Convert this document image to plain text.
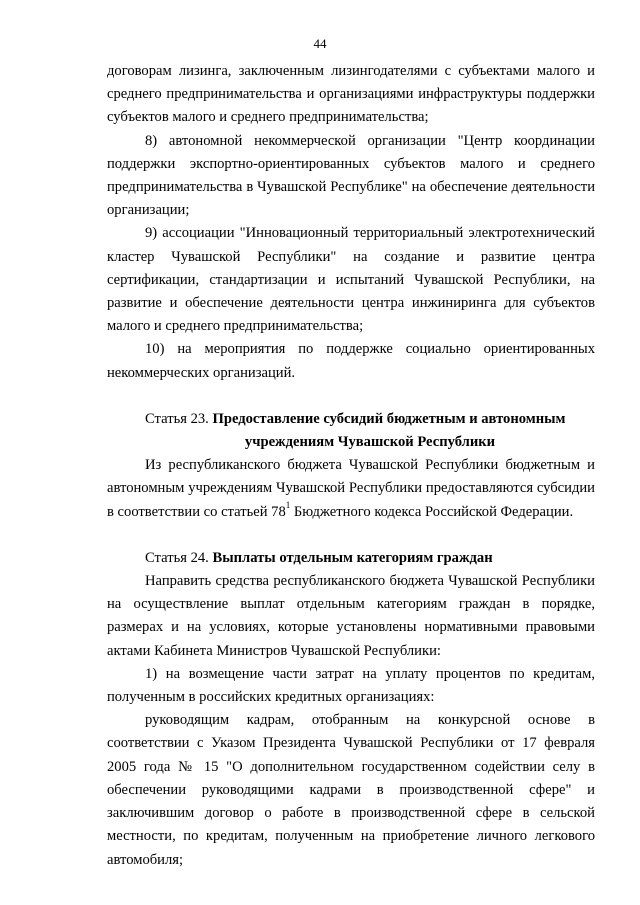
44

договорам лизинга, заключенным лизингодателями с субъектами малого и среднего предпринимательства и организациями инфраструктуры поддержки субъектов малого и среднего предпринимательства;

8) автономной некоммерческой организации "Центр координации поддержки экспортно-ориентированных субъектов малого и среднего предпринимательства в Чувашской Республике" на обеспечение деятельности организации;

9) ассоциации "Инновационный территориальный электротехнический кластер Чувашской Республики" на создание и развитие центра сертификации, стандартизации и испытаний Чувашской Республики, на развитие и обеспечение деятельности центра инжиниринга для субъектов малого и среднего предпринимательства;

10) на мероприятия по поддержке социально ориентированных некоммерческих организаций.

Статья 23. Предоставление субсидий бюджетным и автономным
учреждениям Чувашской Республики

Из республиканского бюджета Чувашской Республики бюджетным и автономным учреждениям Чувашской Республики предоставляются субсидии в соответствии со статьей $78^1$ Бюджетного кодекса Российской Федерации.

Статья 24. Выплаты отдельным категориям граждан

Направить средства республиканского бюджета Чувашской Республики на осуществление выплат отдельным категориям граждан в порядке, размерах и на условиях, которые установлены нормативными правовыми актами Кабинета Министров Чувашской Республики:

1) на возмещение части затрат на уплату процентов по кредитам, полученным в российских кредитных организациях:

руководящим кадрам, отобранным на конкурсной основе в соответствии с Указом Президента Чувашской Республики от 17 февраля 2005 года № 15 "О дополнительном государственном содействии селу в обеспечении руководящими кадрами в производственной сфере" и заключившим договор о работе в производственной сфере в сельской местности, по кредитам, полученным на приобретение личного легкового автомобиля;
